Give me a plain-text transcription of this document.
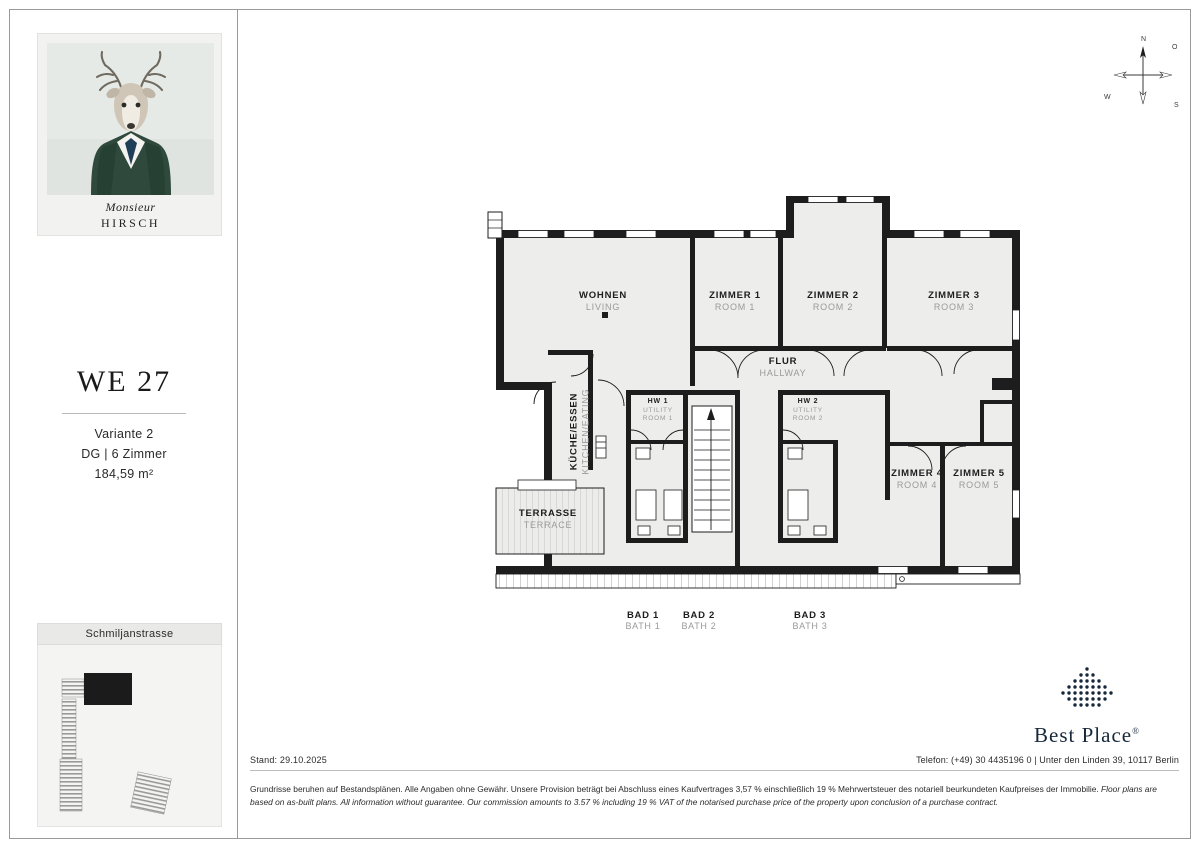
Monsieur
HIRSCH
WE 27
Variante 2
DG | 6 Zimmer
184,59 m²
Schmiljanstrasse
N
O
S
W
WOHNEN
LIVING
ZIMMER 1
ROOM 1
ZIMMER 2
ROOM 2
ZIMMER 3
ROOM 3
FLUR
HALLWAY
HW 1
UTILITY
ROOM 1
HW 2
UTILITY
ROOM 2
ZIMMER 4
ROOM 4
ZIMMER 5
ROOM 5
KÜCHE/ESSEN KITCHEN/EATING
TERRASSE
TERRACE
BAD 1
BATH 1
BAD 2
BATH 2
BAD 3
BATH 3
Best Place®
Stand: 29.10.2025	Telefon: (+49) 30 4435196 0 | Unter den Linden 39, 10117 Berlin
Grundrisse beruhen auf Bestandsplänen. Alle Angaben ohne Gewähr. Unsere Provision beträgt bei Abschluss eines Kaufvertrages 3,57 % einschließlich 19 % Mehrwertsteuer des notariell beurkundeten Kaufpreises der Immobilie. Floor plans are based on as-built plans. All information without guarantee. Our commission amounts to 3.57 % including 19 % VAT of the notarised purchase price of the property upon conclusion of a purchase contract.
